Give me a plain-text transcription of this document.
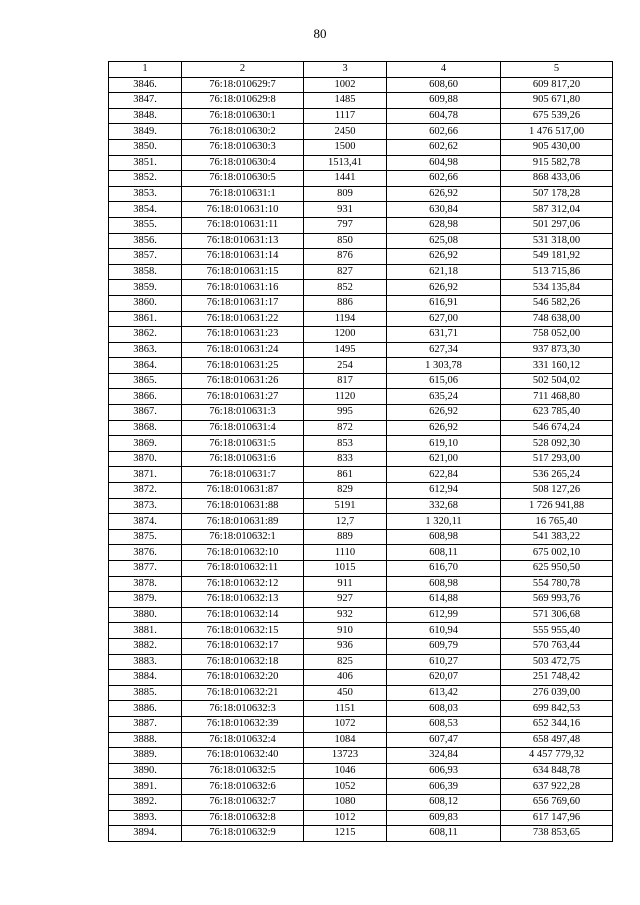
80
1	2	3	4	5
3846.	76:18:010629:7	1002	608,60	609 817,20
3847.	76:18:010629:8	1485	609,88	905 671,80
3848.	76:18:010630:1	1117	604,78	675 539,26
3849.	76:18:010630:2	2450	602,66	1 476 517,00
3850.	76:18:010630:3	1500	602,62	905 430,00
3851.	76:18:010630:4	1513,41	604,98	915 582,78
3852.	76:18:010630:5	1441	602,66	868 433,06
3853.	76:18:010631:1	809	626,92	507 178,28
3854.	76:18:010631:10	931	630,84	587 312,04
3855.	76:18:010631:11	797	628,98	501 297,06
3856.	76:18:010631:13	850	625,08	531 318,00
3857.	76:18:010631:14	876	626,92	549 181,92
3858.	76:18:010631:15	827	621,18	513 715,86
3859.	76:18:010631:16	852	626,92	534 135,84
3860.	76:18:010631:17	886	616,91	546 582,26
3861.	76:18:010631:22	1194	627,00	748 638,00
3862.	76:18:010631:23	1200	631,71	758 052,00
3863.	76:18:010631:24	1495	627,34	937 873,30
3864.	76:18:010631:25	254	1 303,78	331 160,12
3865.	76:18:010631:26	817	615,06	502 504,02
3866.	76:18:010631:27	1120	635,24	711 468,80
3867.	76:18:010631:3	995	626,92	623 785,40
3868.	76:18:010631:4	872	626,92	546 674,24
3869.	76:18:010631:5	853	619,10	528 092,30
3870.	76:18:010631:6	833	621,00	517 293,00
3871.	76:18:010631:7	861	622,84	536 265,24
3872.	76:18:010631:87	829	612,94	508 127,26
3873.	76:18:010631:88	5191	332,68	1 726 941,88
3874.	76:18:010631:89	12,7	1 320,11	16 765,40
3875.	76:18:010632:1	889	608,98	541 383,22
3876.	76:18:010632:10	1110	608,11	675 002,10
3877.	76:18:010632:11	1015	616,70	625 950,50
3878.	76:18:010632:12	911	608,98	554 780,78
3879.	76:18:010632:13	927	614,88	569 993,76
3880.	76:18:010632:14	932	612,99	571 306,68
3881.	76:18:010632:15	910	610,94	555 955,40
3882.	76:18:010632:17	936	609,79	570 763,44
3883.	76:18:010632:18	825	610,27	503 472,75
3884.	76:18:010632:20	406	620,07	251 748,42
3885.	76:18:010632:21	450	613,42	276 039,00
3886.	76:18:010632:3	1151	608,03	699 842,53
3887.	76:18:010632:39	1072	608,53	652 344,16
3888.	76:18:010632:4	1084	607,47	658 497,48
3889.	76:18:010632:40	13723	324,84	4 457 779,32
3890.	76:18:010632:5	1046	606,93	634 848,78
3891.	76:18:010632:6	1052	606,39	637 922,28
3892.	76:18:010632:7	1080	608,12	656 769,60
3893.	76:18:010632:8	1012	609,83	617 147,96
3894.	76:18:010632:9	1215	608,11	738 853,65
